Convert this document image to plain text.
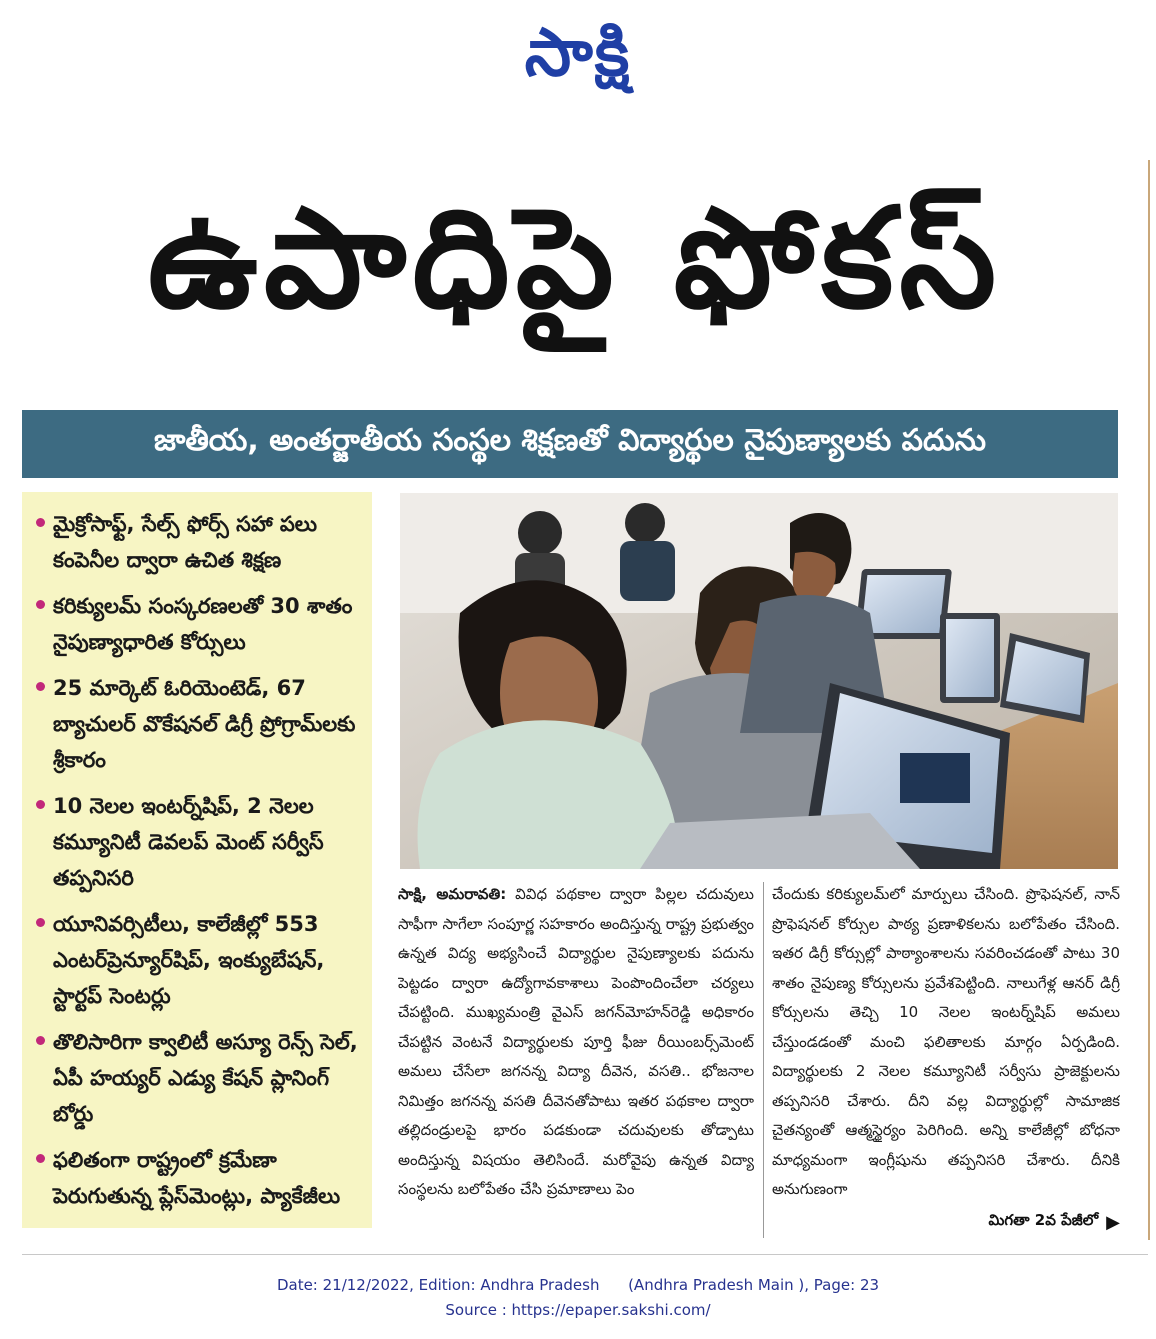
సాక్షి
ఉపాధిపై ఫోకస్
జాతీయ, అంతర్జాతీయ సంస్థల శిక్షణతో విద్యార్థుల నైపుణ్యాలకు పదును
మైక్రోసాఫ్ట్, సేల్స్ ఫోర్స్ సహా పలు కంపెనీల ద్వారా ఉచిత శిక్షణ
కరిక్యులమ్ సంస్కరణలతో 30 శాతం నైపుణ్యాధారిత కోర్సులు
25 మార్కెట్ ఓరియెంటెడ్, 67 బ్యాచులర్ వొకేషనల్ డిగ్రీ ప్రోగ్రామ్‌లకు శ్రీకారం
10 నెలల ఇంటర్న్‌షిప్, 2 నెలల కమ్యూనిటీ డెవలప్ మెంట్ సర్వీస్ తప్పనిసరి
యూనివర్సిటీలు, కాలేజీల్లో 553 ఎంటర్‌ప్రెన్యూర్‌షిప్, ఇంక్యుబేషన్, స్టార్టప్ సెంటర్లు
తొలిసారిగా క్వాలిటీ అస్యూ రెన్స్ సెల్, ఏపీ హయ్యర్ ఎడ్యు కేషన్ ప్లానింగ్ బోర్డు
ఫలితంగా రాష్ట్రంలో క్రమేణా పెరుగుతున్న ప్లేస్‌మెంట్లు, ప్యాకేజీలు
సాక్షి, అమరావతి: వివిధ పథకాల ద్వారా పిల్లల చదువులు సాఫీగా సాగేలా సంపూర్ణ సహకారం అందిస్తున్న రాష్ట్ర ప్రభుత్వం ఉన్నత విద్య అభ్యసించే విద్యార్థుల నైపుణ్యాలకు పదును పెట్టడం ద్వారా ఉద్యోగావకాశాలు పెంపొందించేలా చర్యలు చేపట్టింది. ముఖ్యమంత్రి వైఎస్ జగన్‌మోహన్‌రెడ్డి అధికారం చేపట్టిన వెంటనే విద్యార్థులకు పూర్తి ఫీజు రీయింబర్స్‌మెంట్ అమలు చేసేలా జగనన్న విద్యా దీవెన, వసతి.. భోజనాల నిమిత్తం జగనన్న వసతి దీవెనతోపాటు ఇతర పథకాల ద్వారా తల్లిదండ్రులపై భారం పడకుండా చదువులకు తోడ్పాటు అందిస్తున్న విషయం తెలిసిందే. మరోవైపు ఉన్నత విద్యా సంస్థలను బలోపేతం చేసి ప్రమాణాలు పెం
చేందుకు కరిక్యులమ్‌లో మార్పులు చేసింది. ప్రొఫెషనల్, నాన్ ప్రొఫెషనల్ కోర్సుల పాఠ్య ప్రణాళికలను బలోపేతం చేసింది. ఇతర డిగ్రీ కోర్సుల్లో పాఠ్యాంశాలను సవరించడంతో పాటు 30 శాతం నైపుణ్య కోర్సులను ప్రవేశపెట్టింది. నాలుగేళ్ల ఆనర్ డిగ్రీ కోర్సులను తెచ్చి 10 నెలల ఇంటర్న్‌షిప్ అమలు చేస్తుండడంతో మంచి ఫలితాలకు మార్గం ఏర్పడింది. విద్యార్థులకు 2 నెలల కమ్యూనిటీ సర్వీసు ప్రాజెక్టులను తప్పనిసరి చేశారు. దీని వల్ల విద్యార్థుల్లో సామాజిక చైతన్యంతో ఆత్మస్థైర్యం పెరిగింది. అన్ని కాలేజీల్లో బోధనా మాధ్యమంగా ఇంగ్లీషును తప్పనిసరి చేశారు. దీనికి అనుగుణంగా
మిగతా 2వ పేజీలో ▶
Date: 21/12/2022, Edition: Andhra Pradesh      (Andhra Pradesh Main ), Page: 23
Source : https://epaper.sakshi.com/
